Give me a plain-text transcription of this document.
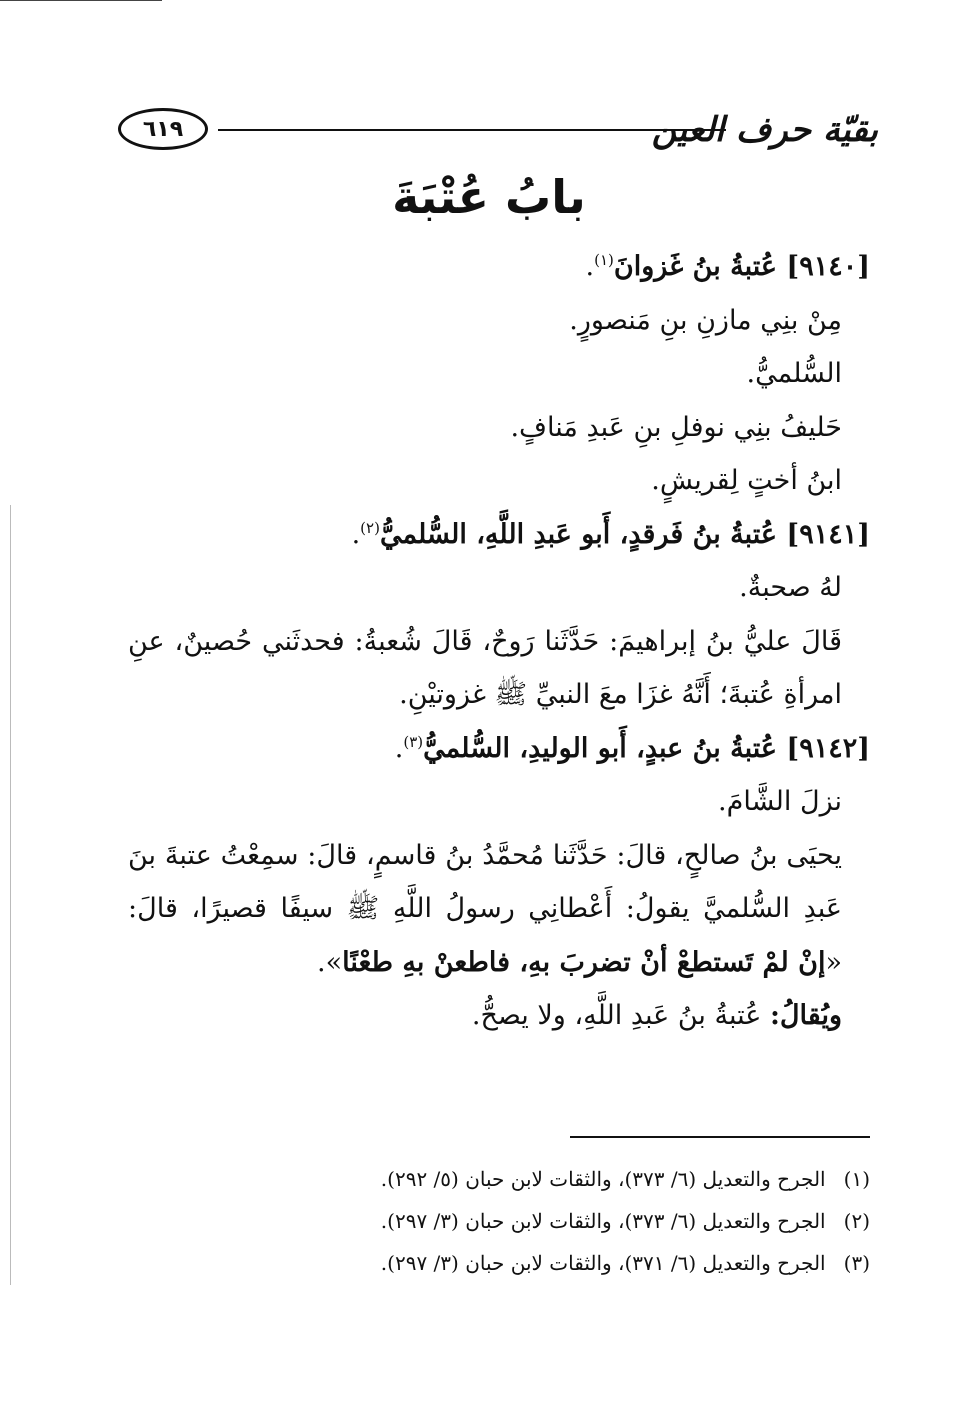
٦١٩	بقيّة حرف العين
بابُ عُتْبَةَ

[٩١٤٠] عُتبةُ بنُ غَزوانَ$^{(١)}$.

مِنْ بنِي مازنِ بنِ مَنصورٍ.

السُّلميُّ.

حَليفُ بنِي نوفلِ بنِ عَبدِ مَنافٍ.

ابنُ أختٍ لِقريشٍ.

[٩١٤١] عُتبةُ بنُ فَرقدٍ، أَبو عَبدِ اللَّهِ، السُّلميُّ$^{(٢)}$.

لهُ صحبةٌ.

قَالَ عليُّ بنُ إبراهيمَ: حَدَّثَنا رَوحٌ، قَالَ شُعبةُ: فحدثَني حُصينٌ، عنِ امرأةِ عُتبةَ؛ أَنَّهُ غزَا معَ النبيِّ ﷺ غزوتيْنِ.

[٩١٤٢] عُتبةُ بنُ عبدٍ، أَبو الوليدِ، السُّلميُّ$^{(٣)}$.

نزلَ الشَّامَ.

يحيَى بنُ صالحٍ، قالَ: حَدَّثَنا مُحمَّدُ بنُ قاسمٍ، قالَ: سمِعْتُ عتبةَ بنَ عَبدِ السُّلميَّ يقولُ: أَعْطانِي رسولُ اللَّهِ ﷺ سيفًا قصيرًا، قالَ: «إنْ لمْ تَستطعْ أنْ تضربَ بهِ، فاطعنْ بهِ طعْنًا».

ويُقالُ: عُتبةُ بنُ عَبدِ اللَّهِ، ولا يصحُّ.

(١)الجرح والتعديل (٦/ ٣٧٣)، والثقات لابن حبان (٥/ ٢٩٢).

(٢)الجرح والتعديل (٦/ ٣٧٣)، والثقات لابن حبان (٣/ ٢٩٧).

(٣)الجرح والتعديل (٦/ ٣٧١)، والثقات لابن حبان (٣/ ٢٩٧).
